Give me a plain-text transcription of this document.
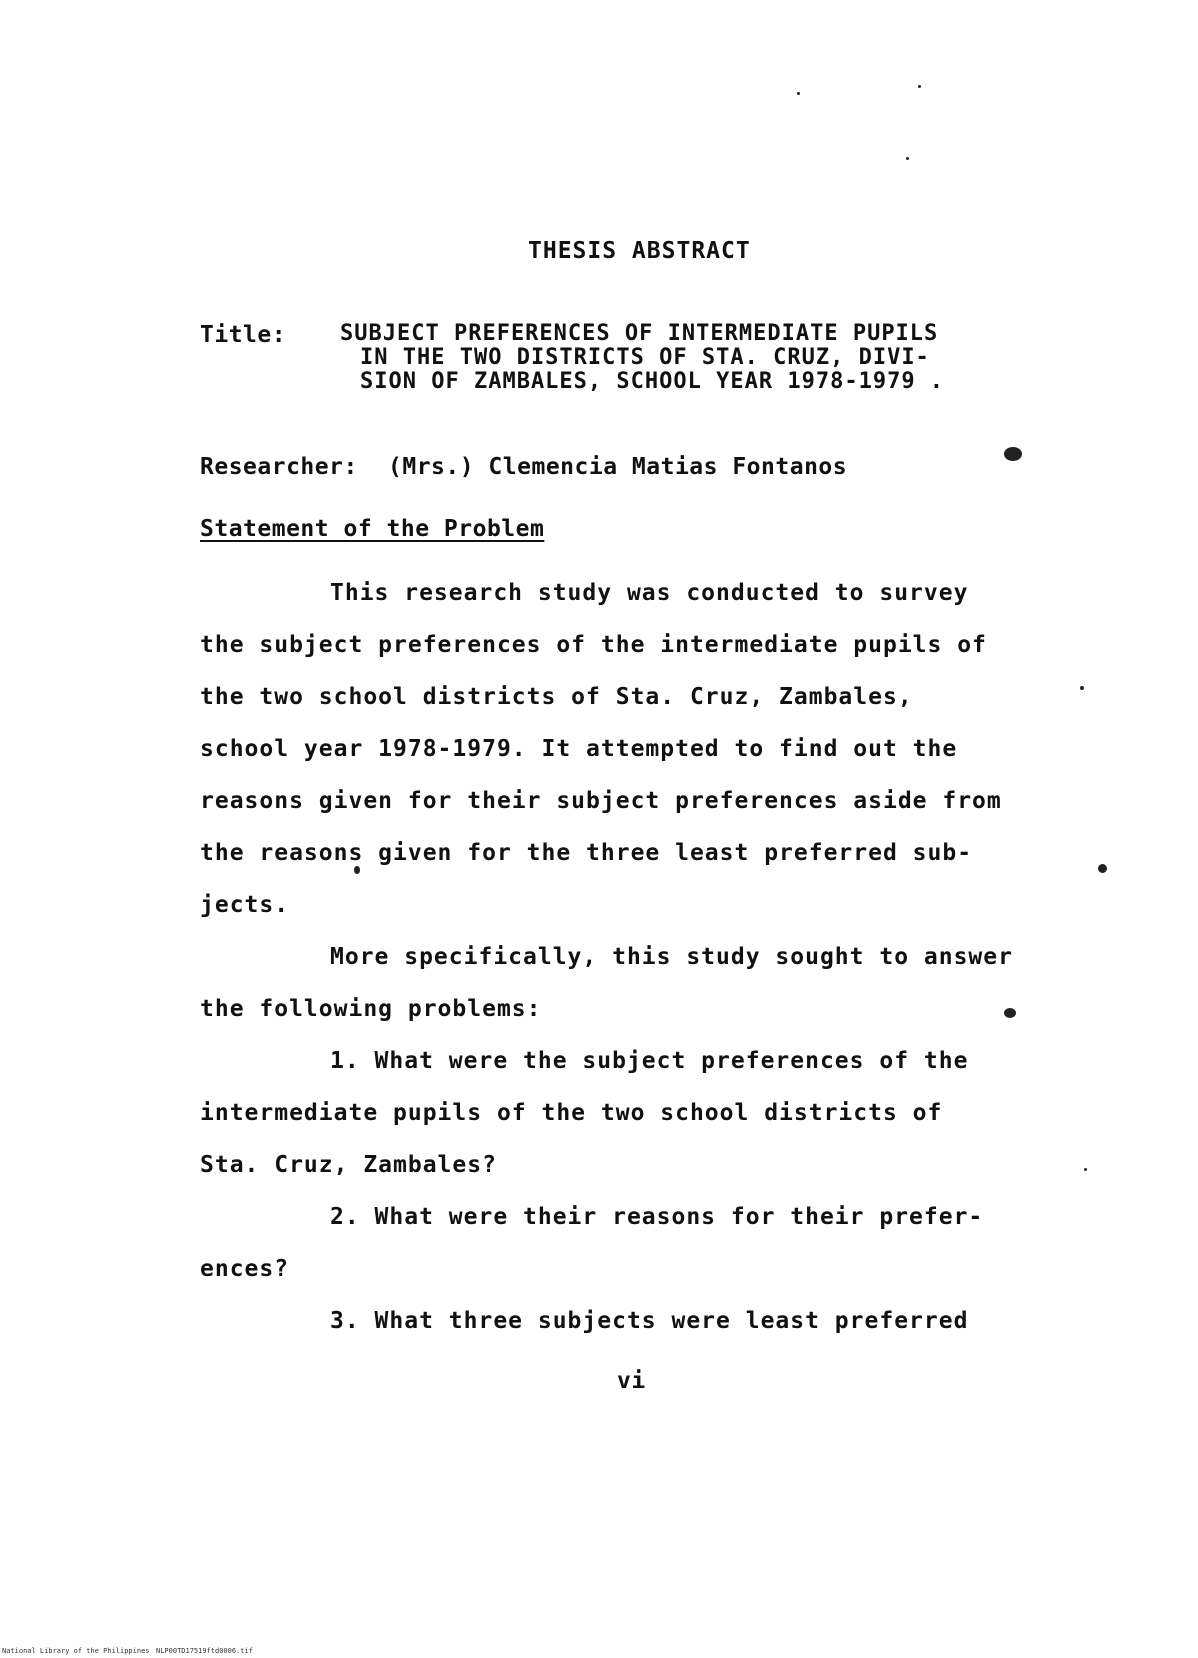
THESIS ABSTRACT
Title: SUBJECT PREFERENCES OF INTERMEDIATE PUPILS
IN THE TWO DISTRICTS OF STA. CRUZ, DIVI-
SION OF ZAMBALES, SCHOOL YEAR 1978-1979 .
Researcher: (Mrs.) Clemencia Matias Fontanos
Statement of the Problem
This research study was conducted to survey
the subject preferences of the intermediate pupils of
the two school districts of Sta. Cruz, Zambales,
school year 1978-1979. It attempted to find out the
reasons given for their subject preferences aside from
the reasons given for the three least preferred sub-
jects.
More specifically, this study sought to answer
the following problems:
1. What were the subject preferences of the
intermediate pupils of the two school districts of
Sta. Cruz, Zambales?
2. What were their reasons for their prefer-
ences?
3. What three subjects were least preferred
vi
National Library of the Philippines NLP00TD17519ftd0006.tif
